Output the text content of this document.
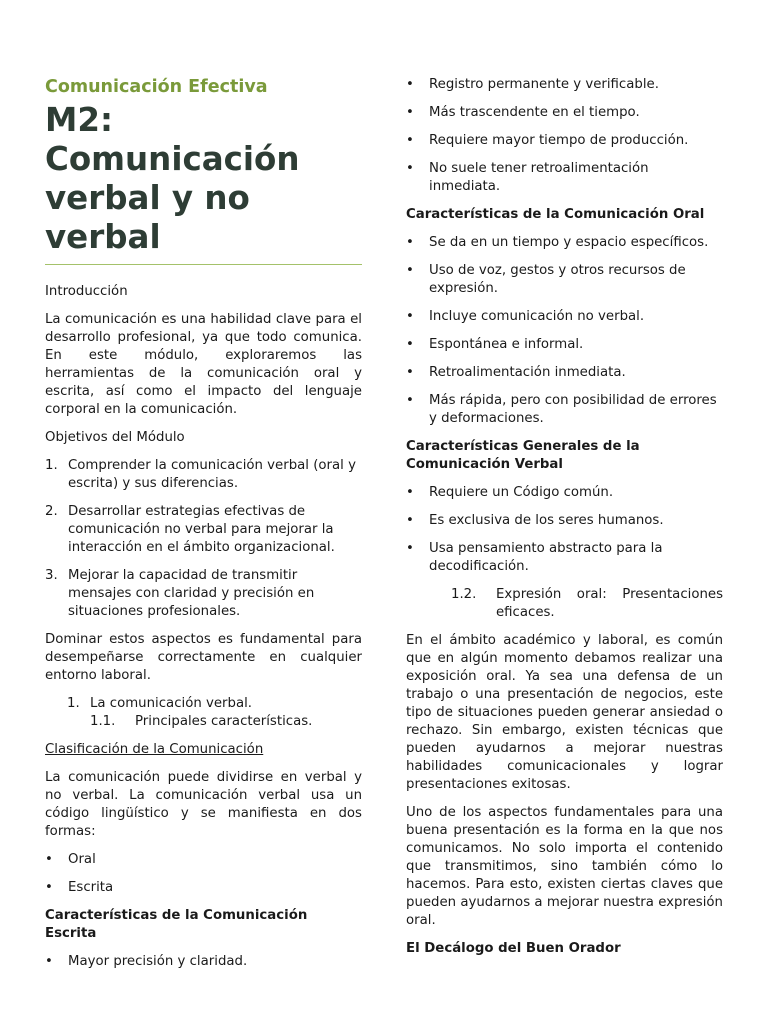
Comunicación Efectiva

M2: Comunicación verbal y no verbal

Introducción

La comunicación es una habilidad clave para el desarrollo profesional, ya que todo comunica. En este módulo, exploraremos las herramientas de la comunicación oral y escrita, así como el impacto del lenguaje corporal en la comunicación.

Objetivos del Módulo

1. Comprender la comunicación verbal (oral y escrita) y sus diferencias.
2. Desarrollar estrategias efectivas de comunicación no verbal para mejorar la interacción en el ámbito organizacional.
3. Mejorar la capacidad de transmitir mensajes con claridad y precisión en situaciones profesionales.

Dominar estos aspectos es fundamental para desempeñarse correctamente en cualquier entorno laboral.

1. La comunicación verbal.

1.1. Principales características.

Clasificación de la Comunicación

La comunicación puede dividirse en verbal y no verbal. La comunicación verbal usa un código lingüístico y se manifiesta en dos formas:

• Oral
• Escrita

Características de la Comunicación Escrita

• Mayor precisión y claridad.
• Registro permanente y verificable.
• Más trascendente en el tiempo.
• Requiere mayor tiempo de producción.
• No suele tener retroalimentación inmediata.

Características de la Comunicación Oral

• Se da en un tiempo y espacio específicos.
• Uso de voz, gestos y otros recursos de expresión.
• Incluye comunicación no verbal.
• Espontánea e informal.
• Retroalimentación inmediata.
• Más rápida, pero con posibilidad de errores y deformaciones.

Características Generales de la Comunicación Verbal

• Requiere un Código común.
• Es exclusiva de los seres humanos.
• Usa pensamiento abstracto para la decodificación.

1.2. Expresión oral: Presentaciones eficaces.

En el ámbito académico y laboral, es común que en algún momento debamos realizar una exposición oral. Ya sea una defensa de un trabajo o una presentación de negocios, este tipo de situaciones pueden generar ansiedad o rechazo. Sin embargo, existen técnicas que pueden ayudarnos a mejorar nuestras habilidades comunicacionales y lograr presentaciones exitosas.

Uno de los aspectos fundamentales para una buena presentación es la forma en la que nos comunicamos. No solo importa el contenido que transmitimos, sino también cómo lo hacemos. Para esto, existen ciertas claves que pueden ayudarnos a mejorar nuestra expresión oral.

El Decálogo del Buen Orador
